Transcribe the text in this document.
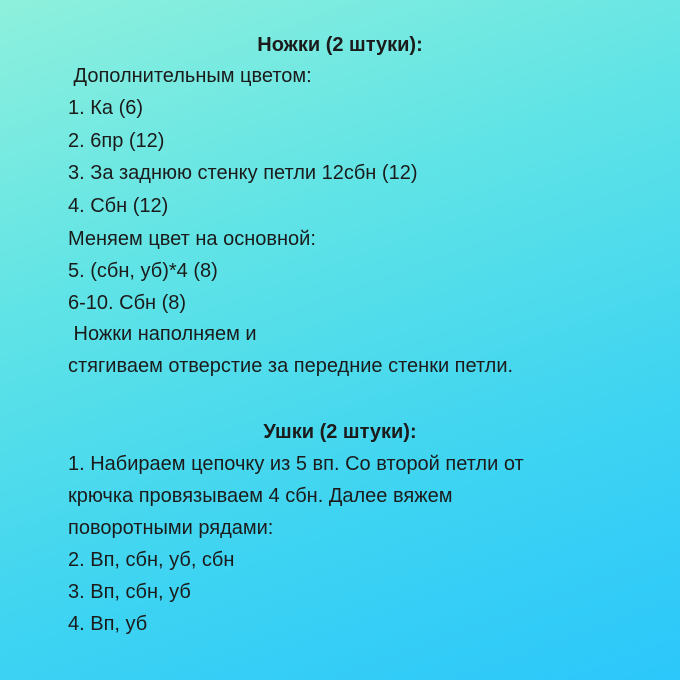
Ножки (2 штуки):
Дополнительным цветом:
1. Ка (6)
2. 6пр (12)
3. За заднюю стенку петли 12сбн (12)
4. Сбн (12)
Меняем цвет на основной:
5. (сбн, уб)*4 (8)
6-10. Сбн (8)
Ножки наполняем и
стягиваем отверстие за передние стенки петли.
Ушки (2 штуки):
1. Набираем цепочку из 5 вп. Со второй петли от
крючка провязываем 4 сбн. Далее вяжем
поворотными рядами:
2. Вп, сбн, уб, сбн
3. Вп, сбн, уб
4. Вп, уб
